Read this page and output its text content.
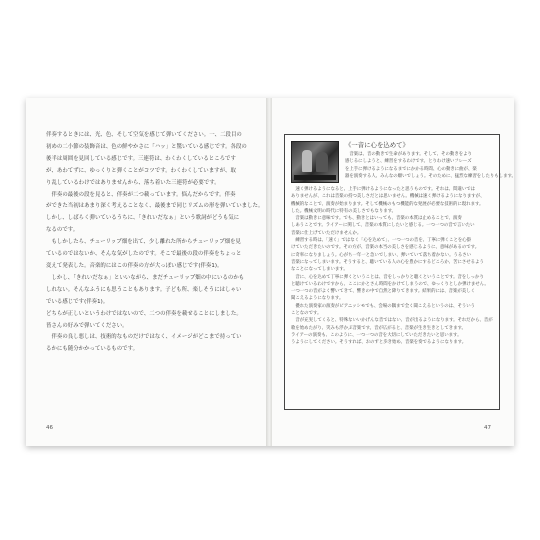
伴奏するときには、光、色、そして空気を感じて弾いてください。一、二段目の

初めの二小節の装飾音は、色の鮮やかさに「ハッ」と驚いている感じです。各段の

後半は周囲を見回している感じです。三連符は、わくわくしているところです

が、あわてずに、ゆっくりと弾くことがコツです。わくわくしていますが、取

り乱しているわけではありませんから、落ち着いた三連符が必要です。

　伴奏の最後の段を見ると、伴奏が二つ載っています。悩んだからです。伴奏

ができた当初はあまり深く考えることなく、最後まで同じリズムの形を弾いていました。

しかし、しばらく弾いているうちに、「きれいだなぁ」という歌詞がどうも気に

なるのです。

　もしかしたら、チューリップ畑を出て、少し離れた所からチューリップ畑を見

ているのではないか、そんな気がしたのです。そこで最後の段の伴奏をちょっと

変えて発表した。音楽的にはこの伴奏の方が大っぽい感じです(伴奏1)。

　しかし、「きれいだなぁ」といいながら、まだチューリップ畑の中にいるのかも

しれない。そんなふうにも思うこともあります。子ども所、楽しそうにはしゃい

でいる感じです(伴奏1)。

どちらが正しいというわけではないので、二つの伴奏を載せることにしました。

皆さんの好みで弾いてください。

　伴奏の良し悪しは、技術的なものだけではなく、イメージがどこまで持ってい

るかにも随分かかっているものです。

46
《一音に心を込めて》

　音楽は、音の動きで生命があります。そして、その動きをより

感じるにしようと、練習をするわけです。とりわけ速いフレーズ

を上手に弾けるようになるまでにかかる時間、心の動きに曲が、楽

器を演奏する人、みんなの願いでしょう。そのために、猛烈な練習をしたりもします。

　速く弾けるようになると、上手に弾けるようになったと思うものです。それは、間違いでは

ありませんが、これは音楽の持つ美しさだとは思いません。機械は速く弾けるようになりますが、

機械的なことで、演奏が始まります。そして機械のもつ機能的な発展が必要な技術的に現れます。

した。機械文明の時代に特有の美しさでもなります。

　音楽は動きに意味です。でも、動きとはいっても、音楽の本質は止めることで、演奏

しあうことです。ライアーに関して、音楽の本質にしたいと感じる。一つ一つの音で言いたい

音楽に仕上げていただけませんか。

　練習する時は、「速く」ではなく「心を込めて」、一つ一つの音を、丁寧に弾くことを心掛

けていただきたいのです。その方が、音楽の本当の美しさを感じるように、意味があるのです。

に奇率になりましょう。心がち一年一と急いでしまい、弾いていて落ち着かない。うるさい

音楽になってしまいます。そうすると、聴いている人の心を豊かにするどころか、苦にさせるよう

なことになってしまいます。

　音に、心を込めて丁寧に弾くということは、音をしっかりと聴くということです。音をしっかり

と聴けているわけですから、ここにかとさん時間をかけてしまうので、ゆっくりとしか弾けません。

一つ一つの音がよく響いてきて、響きの中で自然と降りてきます。結果的には、音楽が美しく

聞こえるようになります。

　優れた演奏家の演奏がピアニッシモでも、会場の隅まで全く聞こえるというのは、そういう

ことなのです。

　音が充実してくると、特殊ないいかげんな音ではない、音が出るようになります。それだから、音が

歌を始めたがり、笑みも浮かぶ音楽です。音が広がると、音楽が生き生きとしてきます。

ライアーの演奏も、このように、一つ一つの音を大切にしていただきたいと思います。

うようにしてください。そうすれば、おのずと歩き始め、音楽を奏でるようになります。

47
